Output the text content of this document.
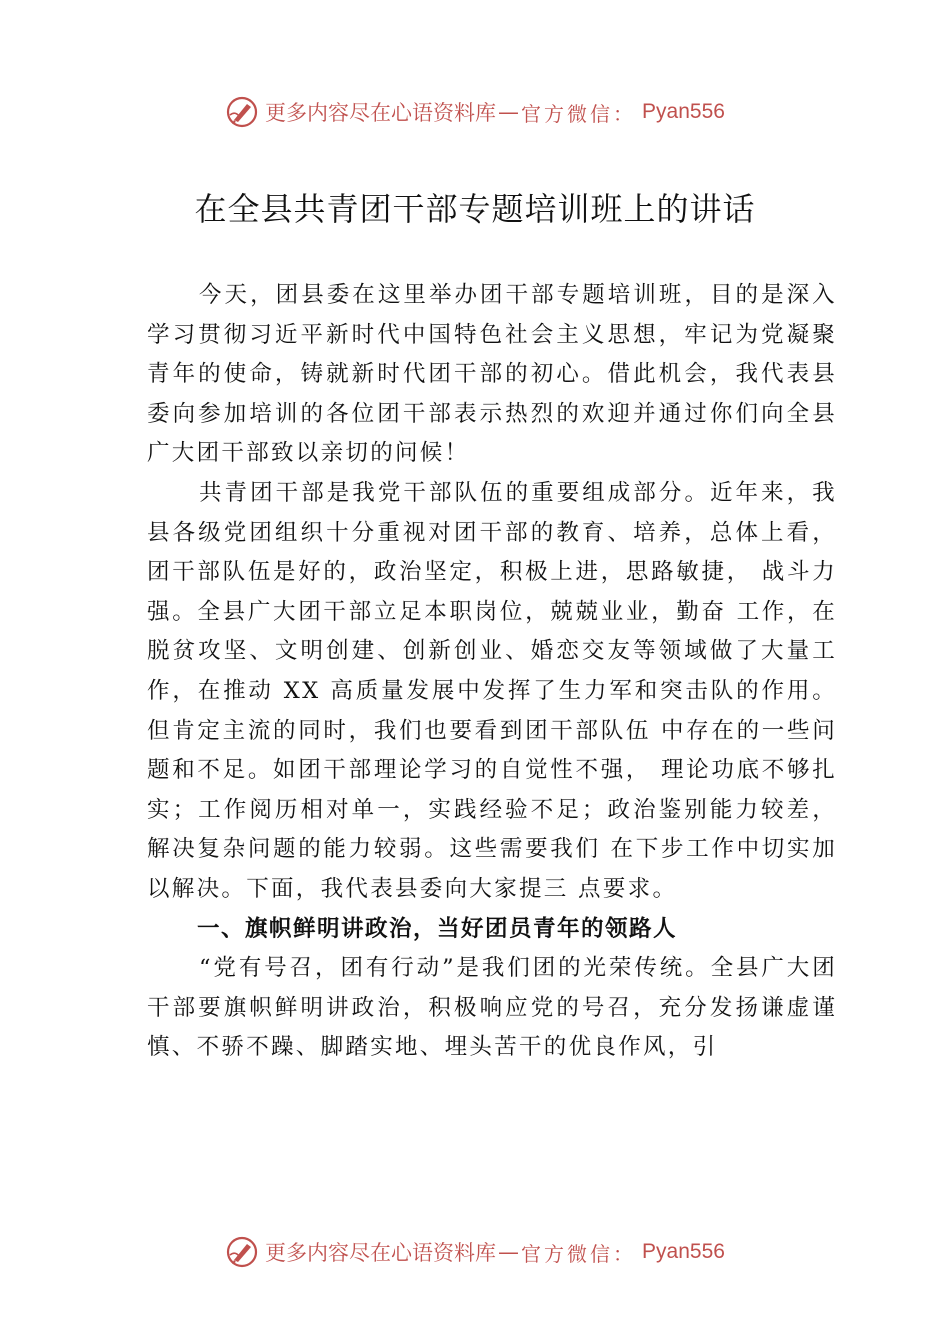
更多内容尽在心语资料库 — 官方微信： Pyan556
在全县共青团干部专题培训班上的讲话

今天，团县委在这里举办团干部专题培训班，目的是深入学习贯彻习近平新时代中国特色社会主义思想，牢记为党凝聚青年的使命，铸就新时代团干部的初心。借此机会，我代表县委向参加培训的各位团干部表示热烈的欢迎并通过你们向全县广大团干部致以亲切的问候！

共青团干部是我党干部队伍的重要组成部分。近年来，我县各级党团组织十分重视对团干部的教育、培养，总体上看，团干部队伍是好的，政治坚定，积极上进，思路敏捷， 战斗力强。全县广大团干部立足本职岗位，兢兢业业，勤奋 工作，在脱贫攻坚、文明创建、创新创业、婚恋交友等领域做了大量工作，在推动 XX 高质量发展中发挥了生力军和突击队的作用。但肯定主流的同时，我们也要看到团干部队伍 中存在的一些问题和不足。如团干部理论学习的自觉性不强， 理论功底不够扎实；工作阅历相对单一，实践经验不足；政治鉴别能力较差，解决复杂问题的能力较弱。这些需要我们 在下步工作中切实加以解决。下面，我代表县委向大家提三 点要求。

一、旗帜鲜明讲政治，当好团员青年的领路人

“党有号召，团有行动”是我们团的光荣传统。全县广大团干部要旗帜鲜明讲政治，积极响应党的号召，充分发扬谦虚谨慎、不骄不躁、脚踏实地、埋头苦干的优良作风，引

更多内容尽在心语资料库 — 官方微信： Pyan556
